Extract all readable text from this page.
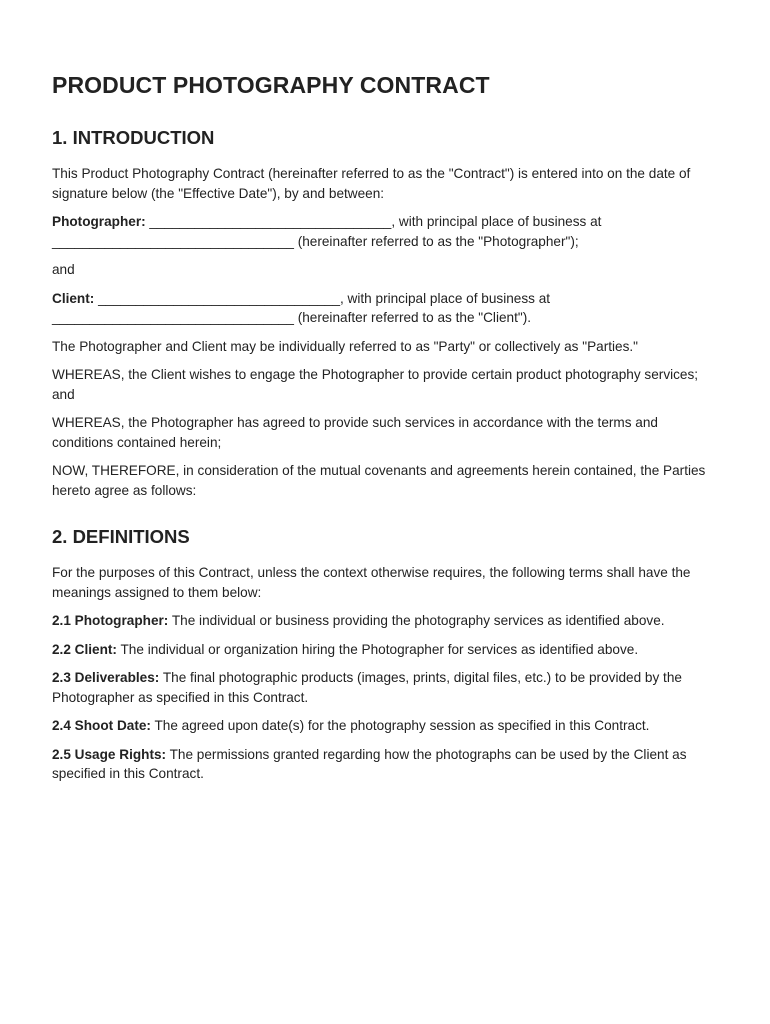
PRODUCT PHOTOGRAPHY CONTRACT
1. INTRODUCTION

This Product Photography Contract (hereinafter referred to as the "Contract") is entered into on the date of signature below (the "Effective Date"), by and between:

Photographer: ________________________________, with principal place of business at ________________________________ (hereinafter referred to as the "Photographer");

and

Client: ________________________________, with principal place of business at ________________________________ (hereinafter referred to as the "Client").

The Photographer and Client may be individually referred to as "Party" or collectively as "Parties."

WHEREAS, the Client wishes to engage the Photographer to provide certain product photography services; and

WHEREAS, the Photographer has agreed to provide such services in accordance with the terms and conditions contained herein;

NOW, THEREFORE, in consideration of the mutual covenants and agreements herein contained, the Parties hereto agree as follows:

2. DEFINITIONS

For the purposes of this Contract, unless the context otherwise requires, the following terms shall have the meanings assigned to them below:

2.1 Photographer: The individual or business providing the photography services as identified above.

2.2 Client: The individual or organization hiring the Photographer for services as identified above.

2.3 Deliverables: The final photographic products (images, prints, digital files, etc.) to be provided by the Photographer as specified in this Contract.

2.4 Shoot Date: The agreed upon date(s) for the photography session as specified in this Contract.

2.5 Usage Rights: The permissions granted regarding how the photographs can be used by the Client as specified in this Contract.
